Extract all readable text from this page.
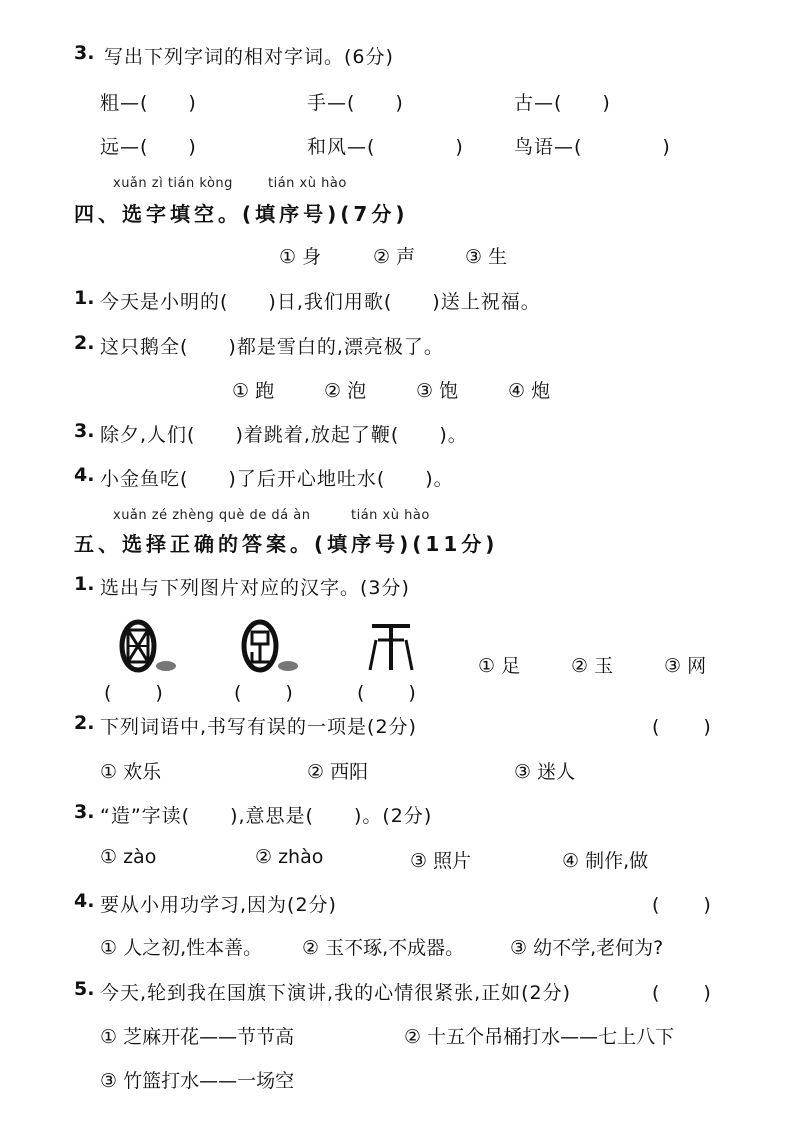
3. 写出下列字词的相对字词。(6分)
粗—(　　)	手—(　　)	古—(　　)
远—(　　)	和风—(　　　　)	鸟语—(　　　　)
xuǎn zì tián kòng	tián xù hào
四、选字填空。(填序号)(7分)
① 身	② 声	③ 生
1. 今天是小明的(　　)日,我们用歌(　　)送上祝福。
2. 这只鹅全(　　)都是雪白的,漂亮极了。
① 跑	② 泡	③ 饱	④ 炮
3. 除夕,人们(　　)着跳着,放起了鞭(　　)。
4. 小金鱼吃(　　)了后开心地吐水(　　)。
xuǎn zé zhèng què de dá àn	tián xù hào
五、选择正确的答案。(填序号)(11分)
1. 选出与下列图片对应的汉字。(3分)
① 足	② 玉	③ 网
(　　)	(　　)	(　　)
2. 下列词语中,书写有误的一项是(2分)	(　　)
① 欢乐	② 西阳	③ 迷人
3. “造”字读(　　),意思是(　　)。(2分)
① zào	② zhào	③ 照片	④ 制作,做
4. 要从小用功学习,因为(2分)	(　　)
① 人之初,性本善。 ② 玉不琢,不成器。 ③ 幼不学,老何为?
5. 今天,轮到我在国旗下演讲,我的心情很紧张,正如(2分)	(　　)
① 芝麻开花——节节高	② 十五个吊桶打水——七上八下
③ 竹篮打水——一场空
